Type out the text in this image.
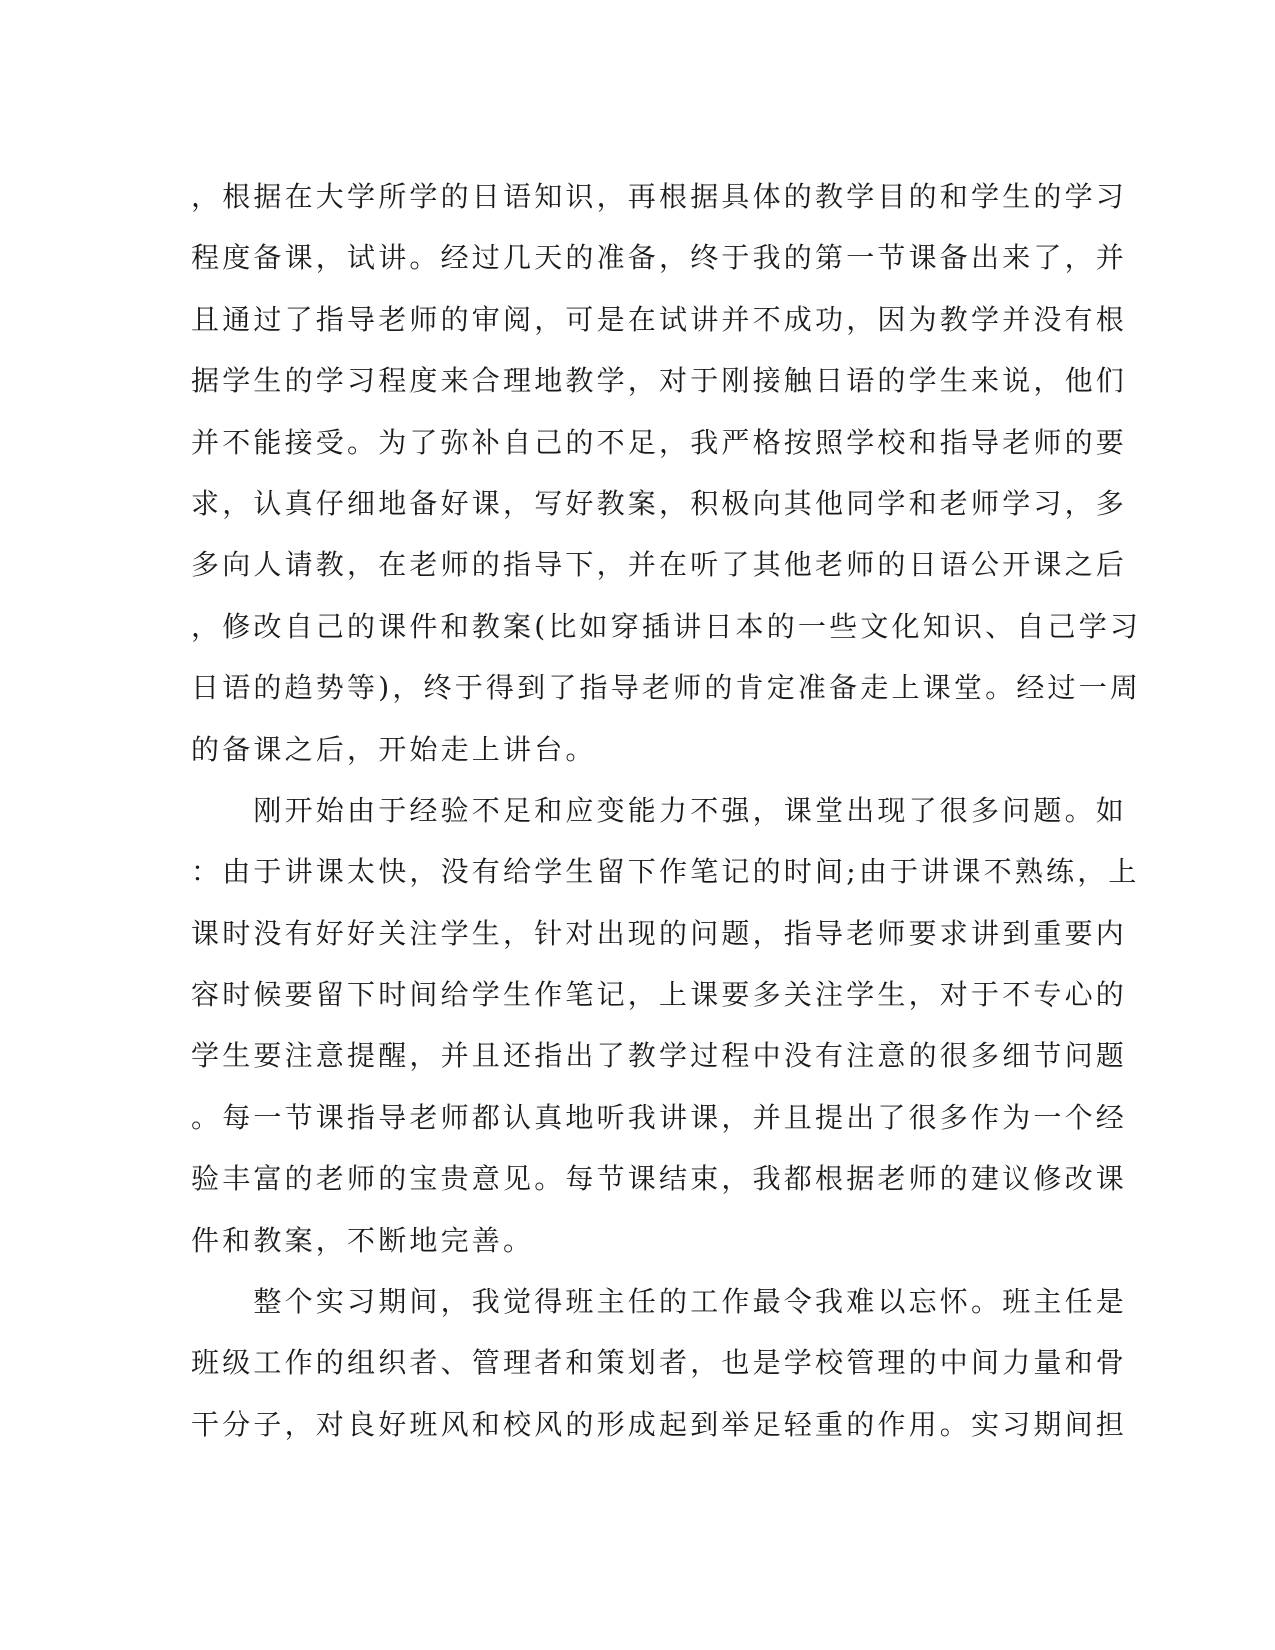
，根据在大学所学的日语知识，再根据具体的教学目的和学生的学习
程度备课，试讲。经过几天的准备，终于我的第一节课备出来了，并
且通过了指导老师的审阅，可是在试讲并不成功，因为教学并没有根
据学生的学习程度来合理地教学，对于刚接触日语的学生来说，他们
并不能接受。为了弥补自己的不足，我严格按照学校和指导老师的要
求，认真仔细地备好课，写好教案，积极向其他同学和老师学习，多
多向人请教，在老师的指导下，并在听了其他老师的日语公开课之后
，修改自己的课件和教案(比如穿插讲日本的一些文化知识、自己学习
日语的趋势等)，终于得到了指导老师的肯定准备走上课堂。经过一周
的备课之后，开始走上讲台。
　　刚开始由于经验不足和应变能力不强，课堂出现了很多问题。如
：由于讲课太快，没有给学生留下作笔记的时间;由于讲课不熟练，上
课时没有好好关注学生，针对出现的问题，指导老师要求讲到重要内
容时候要留下时间给学生作笔记，上课要多关注学生，对于不专心的
学生要注意提醒，并且还指出了教学过程中没有注意的很多细节问题
。每一节课指导老师都认真地听我讲课，并且提出了很多作为一个经
验丰富的老师的宝贵意见。每节课结束，我都根据老师的建议修改课
件和教案，不断地完善。
　　整个实习期间，我觉得班主任的工作最令我难以忘怀。班主任是
班级工作的组织者、管理者和策划者，也是学校管理的中间力量和骨
干分子，对良好班风和校风的形成起到举足轻重的作用。实习期间担
